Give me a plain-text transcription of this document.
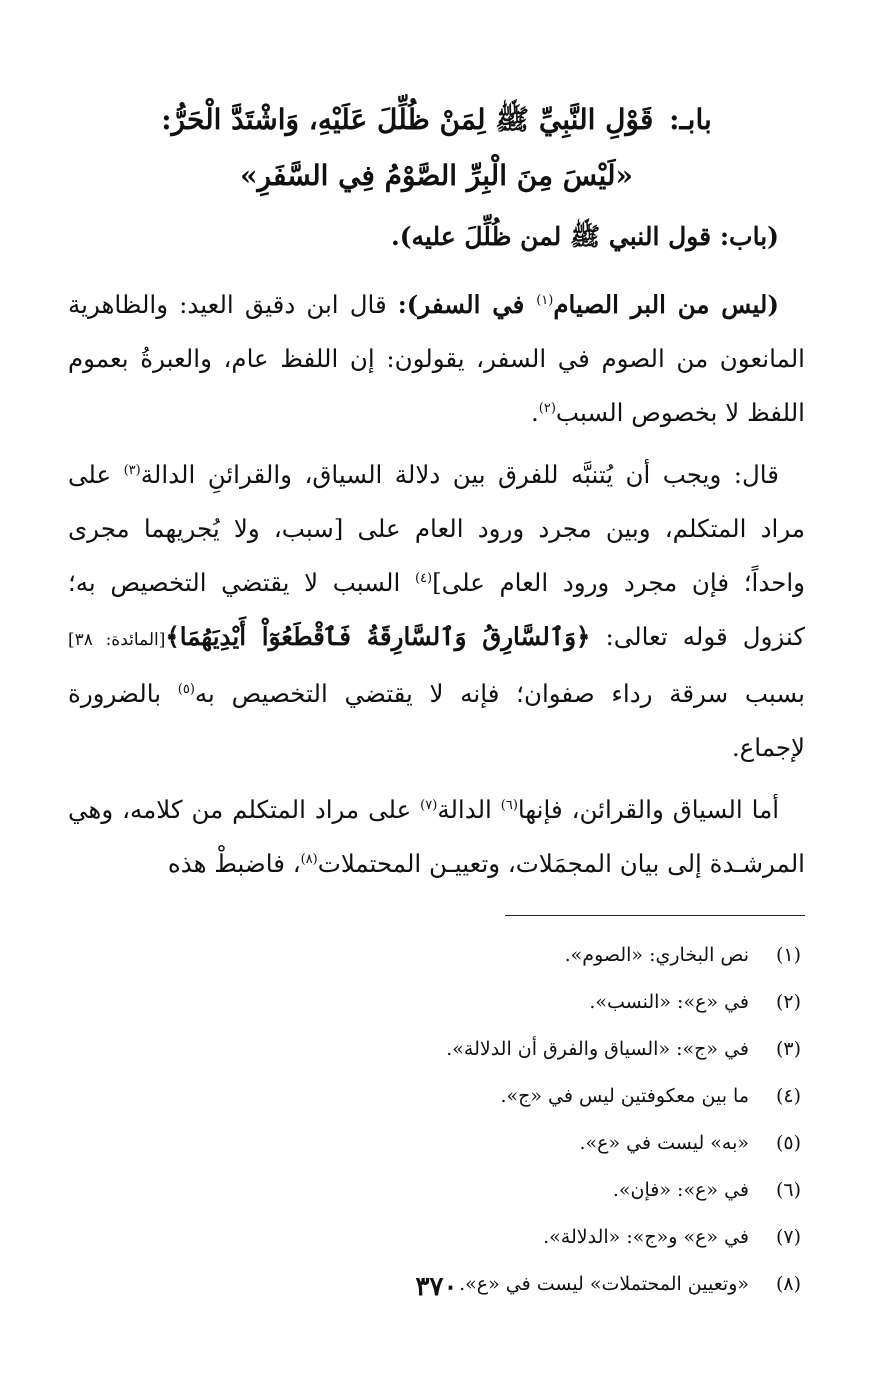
بابـ: قَوْلِ النَّبِيِّ ﷺ لِمَنْ ظُلِّلَ عَلَيْهِ، وَاشْتَدَّ الْحَرُّ:
«لَيْسَ مِنَ الْبِرِّ الصَّوْمُ فِي السَّفَرِ»

(باب: قول النبي ﷺ لمن ظُلِّلَ عليه).

(ليس من البر الصيام$^{(١)}$ في السفر): قال ابن دقيق العيد: والظاهرية المانعون من الصوم في السفر، يقولون: إن اللفظ عام، والعبرةُ بعموم اللفظ لا بخصوص السبب$^{(٢)}$.

قال: ويجب أن يُتنبَّه للفرق بين دلالة السياق، والقرائنِ الدالة$^{(٣)}$ على مراد المتكلم، وبين مجرد ورود العام على [سبب، ولا يُجريهما مجرى واحداً؛ فإن مجرد ورود العام على]$^{(٤)}$ السبب لا يقتضي التخصيص به؛ كنزول قوله تعالى: ﴿وَٱلسَّارِقُ وَٱلسَّارِقَةُ فَٱقْطَعُوٓاْ أَيْدِيَهُمَا﴾[المائدة: ٣٨] بسبب سرقة رداء صفوان؛ فإنه لا يقتضي التخصيص به$^{(٥)}$ بالضرورة لإجماع.

أما السياق والقرائن، فإنها$^{(٦)}$ الدالة$^{(٧)}$ على مراد المتكلم من كلامه، وهي المرشـدة إلى بيان المجمَلات، وتعييـن المحتملات$^{(٨)}$، فاضبطْ هذه

(١)
نص البخاري: «الصوم».
(٢)
في «ع»: «النسب».
(٣)
في «ج»: «السياق والفرق أن الدلالة».
(٤)
ما بين معكوفتين ليس في «ج».
(٥)
«به» ليست في «ع».
(٦)
في «ع»: «فإن».
(٧)
في «ع» و«ج»: «الدلالة».
(٨)
«وتعيين المحتملات» ليست في «ع».
٣٧٠
